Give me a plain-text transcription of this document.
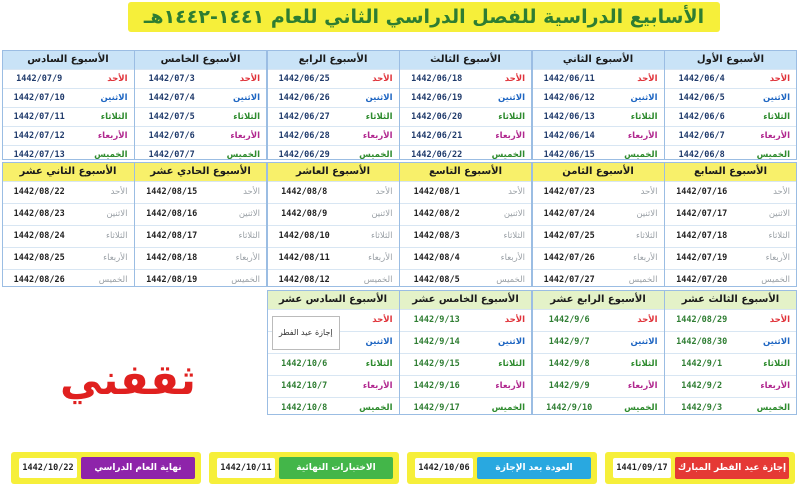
الأسابيع الدراسية للفصل الدراسي الثاني للعام ١٤٤١-١٤٤٢هـ
الأسبوع الأول
الأحد
1442/06/4
الاثنين
1442/06/5
الثلاثاء
1442/06/6
الأربعاء
1442/06/7
الخميس
1442/06/8
الأسبوع الثاني
الأحد
1442/06/11
الاثنين
1442/06/12
الثلاثاء
1442/06/13
الأربعاء
1442/06/14
الخميس
1442/06/15
الأسبوع الثالث
الأحد
1442/06/18
الاثنين
1442/06/19
الثلاثاء
1442/06/20
الأربعاء
1442/06/21
الخميس
1442/06/22
الأسبوع الرابع
الأحد
1442/06/25
الاثنين
1442/06/26
الثلاثاء
1442/06/27
الأربعاء
1442/06/28
الخميس
1442/06/29
الأسبوع الخامس
الأحد
1442/07/3
الاثنين
1442/07/4
الثلاثاء
1442/07/5
الأربعاء
1442/07/6
الخميس
1442/07/7
الأسبوع السادس
الأحد
1442/07/9
الاثنين
1442/07/10
الثلاثاء
1442/07/11
الأربعاء
1442/07/12
الخميس
1442/07/13
الأسبوع السابع
الأحد
1442/07/16
الاثنين
1442/07/17
الثلاثاء
1442/07/18
الأربعاء
1442/07/19
الخميس
1442/07/20
الأسبوع الثامن
الأحد
1442/07/23
الاثنين
1442/07/24
الثلاثاء
1442/07/25
الأربعاء
1442/07/26
الخميس
1442/07/27
الأسبوع التاسع
الأحد
1442/08/1
الاثنين
1442/08/2
الثلاثاء
1442/08/3
الأربعاء
1442/08/4
الخميس
1442/08/5
الأسبوع العاشر
الأحد
1442/08/8
الاثنين
1442/08/9
الثلاثاء
1442/08/10
الأربعاء
1442/08/11
الخميس
1442/08/12
الأسبوع الحادي عشر
الأحد
1442/08/15
الاثنين
1442/08/16
الثلاثاء
1442/08/17
الأربعاء
1442/08/18
الخميس
1442/08/19
الأسبوع الثاني عشر
الأحد
1442/08/22
الاثنين
1442/08/23
الثلاثاء
1442/08/24
الأربعاء
1442/08/25
الخميس
1442/08/26
الأسبوع الثالث عشر
الأحد
1442/08/29
الاثنين
1442/08/30
الثلاثاء
1442/9/1
الأربعاء
1442/9/2
الخميس
1442/9/3
الأسبوع الرابع عشر
الأحد
1442/9/6
الاثنين
1442/9/7
الثلاثاء
1442/9/8
الأربعاء
1442/9/9
الخميس
1442/9/10
الأسبوع الخامس عشر
الأحد
1442/9/13
الاثنين
1442/9/14
الثلاثاء
1442/9/15
الأربعاء
1442/9/16
الخميس
1442/9/17
الأسبوع السادس عشر
الأحد
الاثنين
الثلاثاء
1442/10/6
الأربعاء
1442/10/7
الخميس
1442/10/8
إجازة عيد الفطر
ثقفني
1441/09/17	إجازة عيد الفطر المبارك
1442/10/06	العودة بعد الإجازة
1442/10/11	الاختبارات النهائية
1442/10/22	نهاية العام الدراسي
